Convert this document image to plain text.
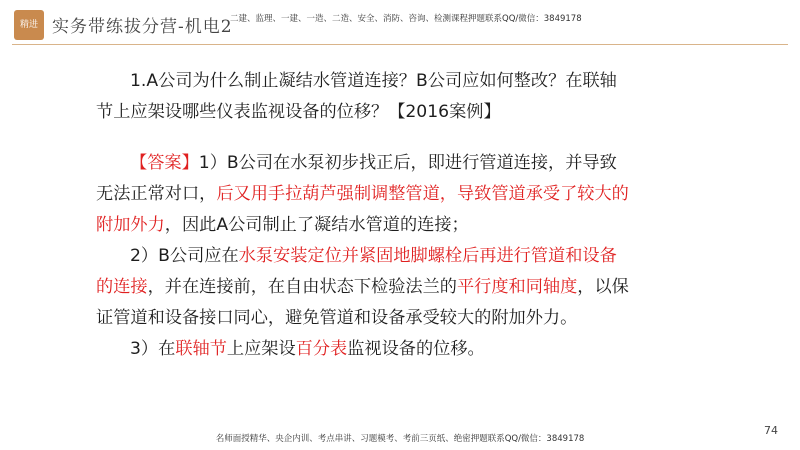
精进 实务带练拔分营-机电2
二建、监理、一建、一造、二造、安全、消防、咨询、检测课程押题联系QQ/微信：3849178

1.A公司为什么制止凝结水管道连接？B公司应如何整改？在联轴

节上应架设哪些仪表监视设备的位移？【2016案例】

【答案】1）B公司在水泵初步找正后，即进行管道连接，并导致

无法正常对口，后又用手拉葫芦强制调整管道，导致管道承受了较大的

附加外力，因此A公司制止了凝结水管道的连接；

2）B公司应在水泵安装定位并紧固地脚螺栓后再进行管道和设备

的连接，并在连接前，在自由状态下检验法兰的平行度和同轴度，以保

证管道和设备接口同心，避免管道和设备承受较大的附加外力。

3）在联轴节上应架设百分表监视设备的位移。

74
名师面授精华、央企内训、考点串讲、习题模考、考前三页纸、绝密押题联系QQ/微信：3849178
